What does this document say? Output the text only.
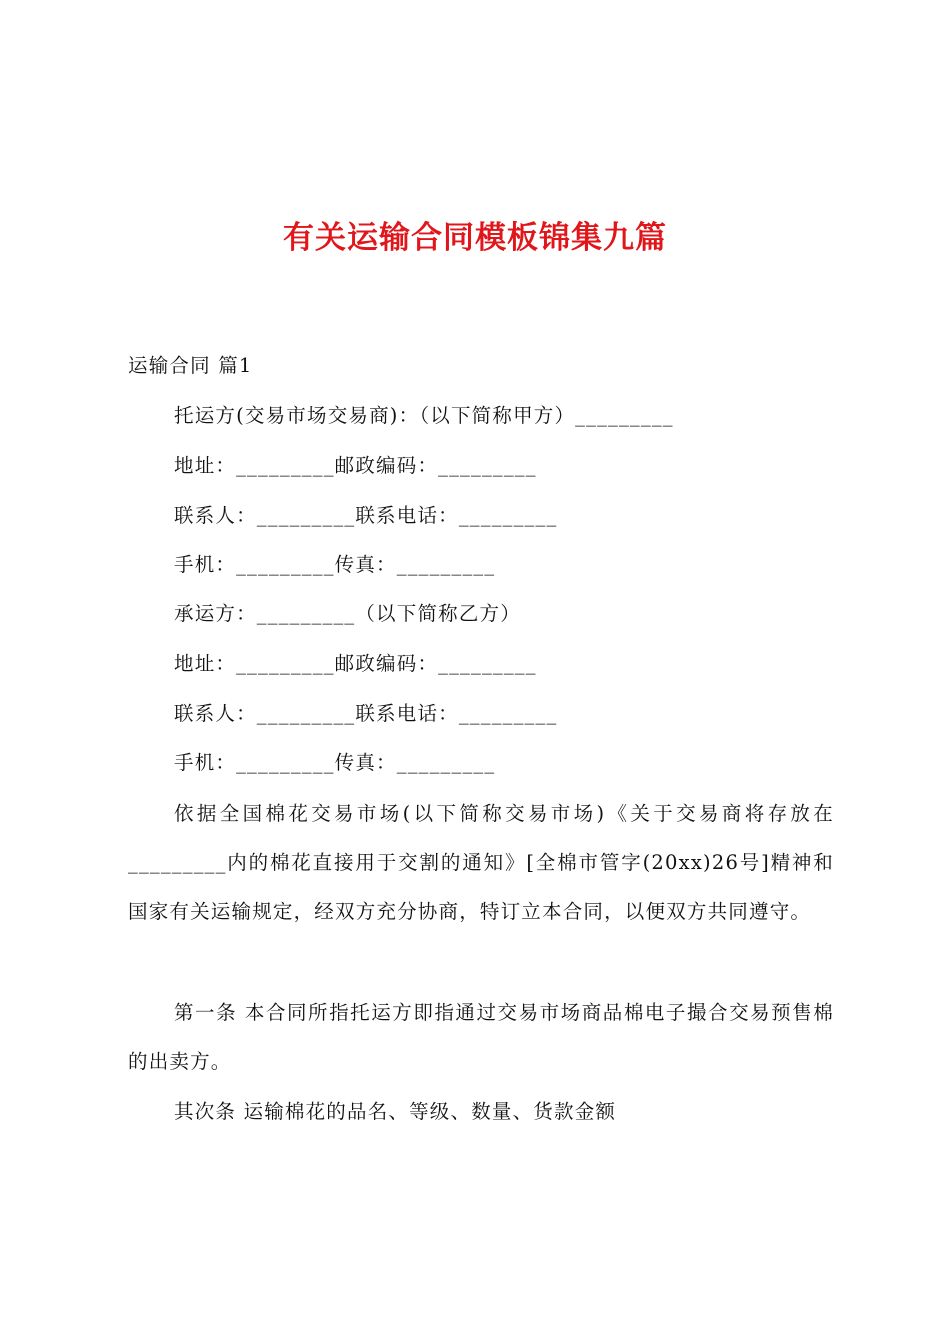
有关运输合同模板锦集九篇

运输合同 篇1

托运方(交易市场交易商)：（以下简称甲方）_________

地址：_________邮政编码：_________

联系人：_________联系电话：_________

手机：_________传真：_________

承运方：_________（以下简称乙方）

地址：_________邮政编码：_________

联系人：_________联系电话：_________

手机：_________传真：_________

依据全国棉花交易市场(以下简称交易市场)《关于交易商将存放在_________内的棉花直接用于交割的通知》[全棉市管字(20xx)26号]精神和国家有关运输规定，经双方充分协商，特订立本合同，以便双方共同遵守。

第一条 本合同所指托运方即指通过交易市场商品棉电子撮合交易预售棉的出卖方。

其次条 运输棉花的品名、等级、数量、货款金额
